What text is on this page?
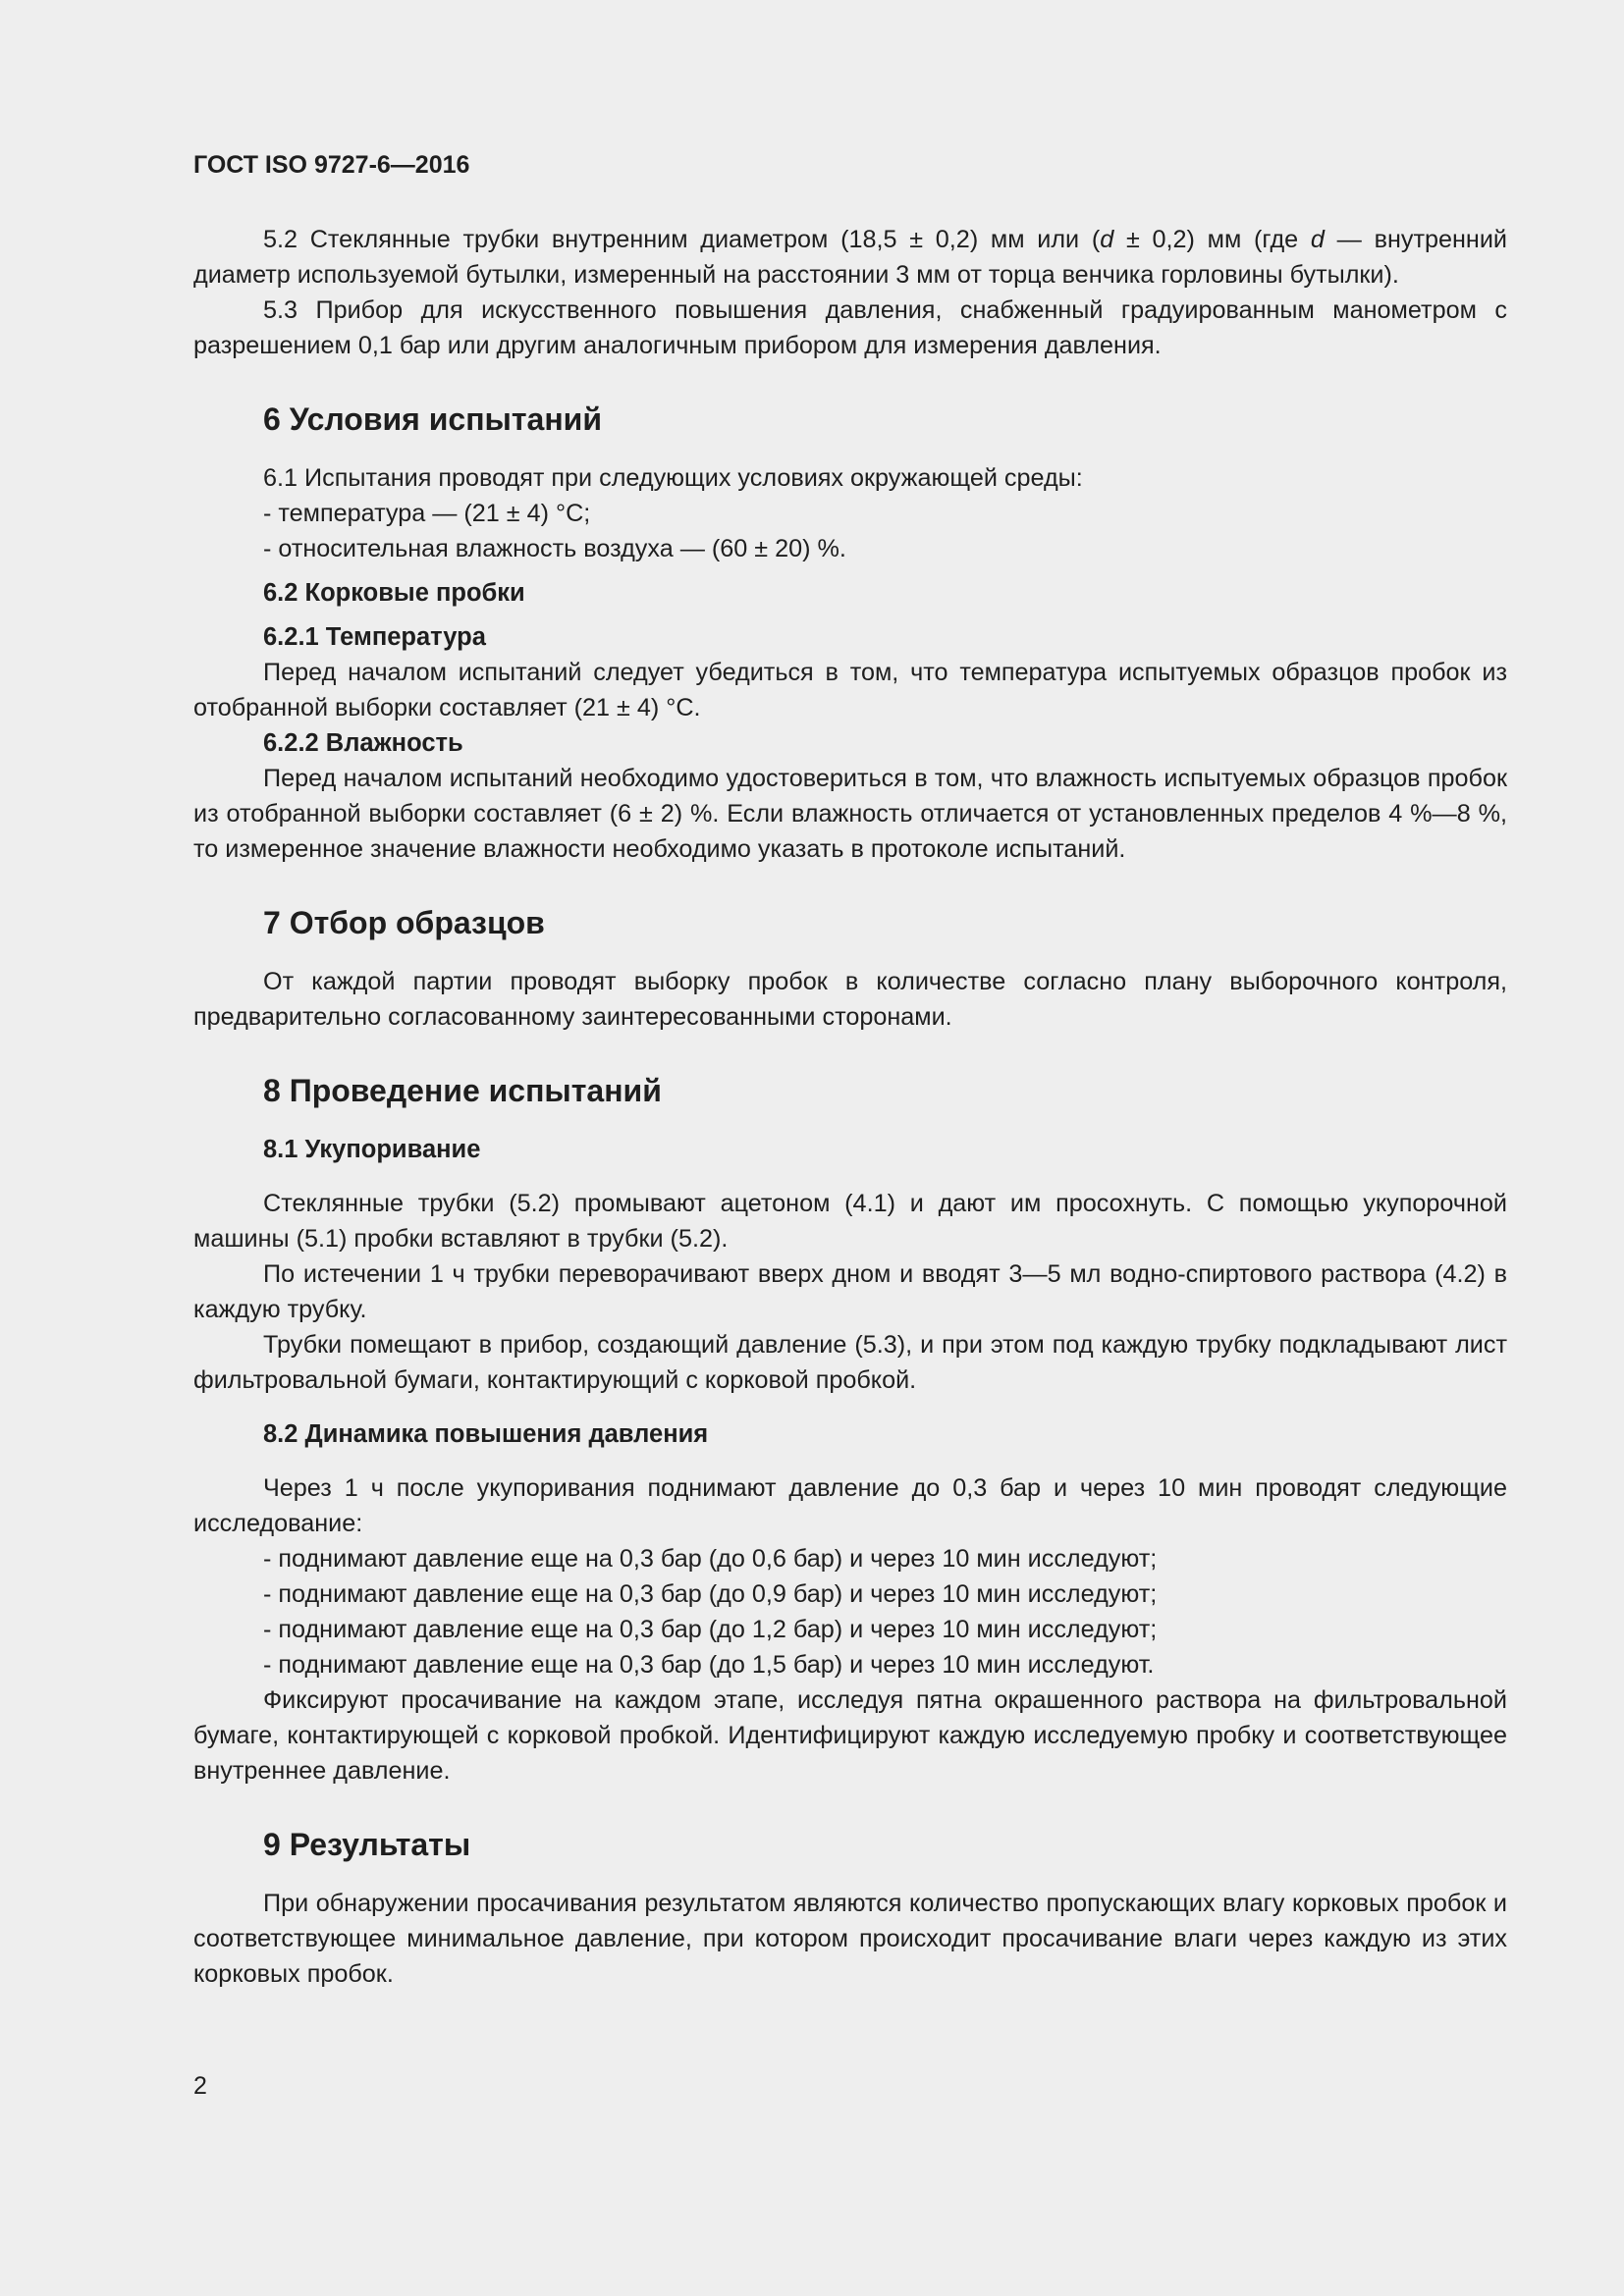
ГОСТ ISO 9727-6—2016

5.2 Стеклянные трубки внутренним диаметром (18,5 ± 0,2) мм или (d ± 0,2) мм (где d — внутренний диаметр используемой бутылки, измеренный на расстоянии 3 мм от торца венчика горловины бутылки).

5.3 Прибор для искусственного повышения давления, снабженный градуированным манометром с разрешением 0,1 бар или другим аналогичным прибором для измерения давления.

6 Условия испытаний

6.1 Испытания проводят при следующих условиях окружающей среды:

- температура — (21 ± 4) °C;

- относительная влажность воздуха — (60 ± 20) %.

6.2 Корковые пробки
6.2.1 Температура

Перед началом испытаний следует убедиться в том, что температура испытуемых образцов пробок из отобранной выборки составляет (21 ± 4) °C.

6.2.2 Влажность

Перед началом испытаний необходимо удостовериться в том, что влажность испытуемых образцов пробок из отобранной выборки составляет (6 ± 2) %. Если влажность отличается от установленных пределов 4 %—8 %, то измеренное значение влажности необходимо указать в протоколе испытаний.

7 Отбор образцов

От каждой партии проводят выборку пробок в количестве согласно плану выборочного контроля, предварительно согласованному заинтересованными сторонами.

8 Проведение испытаний
8.1 Укупоривание

Стеклянные трубки (5.2) промывают ацетоном (4.1) и дают им просохнуть. С помощью укупорочной машины (5.1) пробки вставляют в трубки (5.2).

По истечении 1 ч трубки переворачивают вверх дном и вводят 3—5 мл водно-спиртового раствора (4.2) в каждую трубку.

Трубки помещают в прибор, создающий давление (5.3), и при этом под каждую трубку подкладывают лист фильтровальной бумаги, контактирующий с корковой пробкой.

8.2 Динамика повышения давления

Через 1 ч после укупоривания поднимают давление до 0,3 бар и через 10 мин проводят следующие исследование:

- поднимают давление еще на 0,3 бар (до 0,6 бар) и через 10 мин исследуют;

- поднимают давление еще на 0,3 бар (до 0,9 бар) и через 10 мин исследуют;

- поднимают давление еще на 0,3 бар (до 1,2 бар) и через 10 мин исследуют;

- поднимают давление еще на 0,3 бар (до 1,5 бар) и через 10 мин исследуют.

Фиксируют просачивание на каждом этапе, исследуя пятна окрашенного раствора на фильтровальной бумаге, контактирующей с корковой пробкой. Идентифицируют каждую исследуемую пробку и соответствующее внутреннее давление.

9 Результаты

При обнаружении просачивания результатом являются количество пропускающих влагу корковых пробок и соответствующее минимальное давление, при котором происходит просачивание влаги через каждую из этих корковых пробок.

2
